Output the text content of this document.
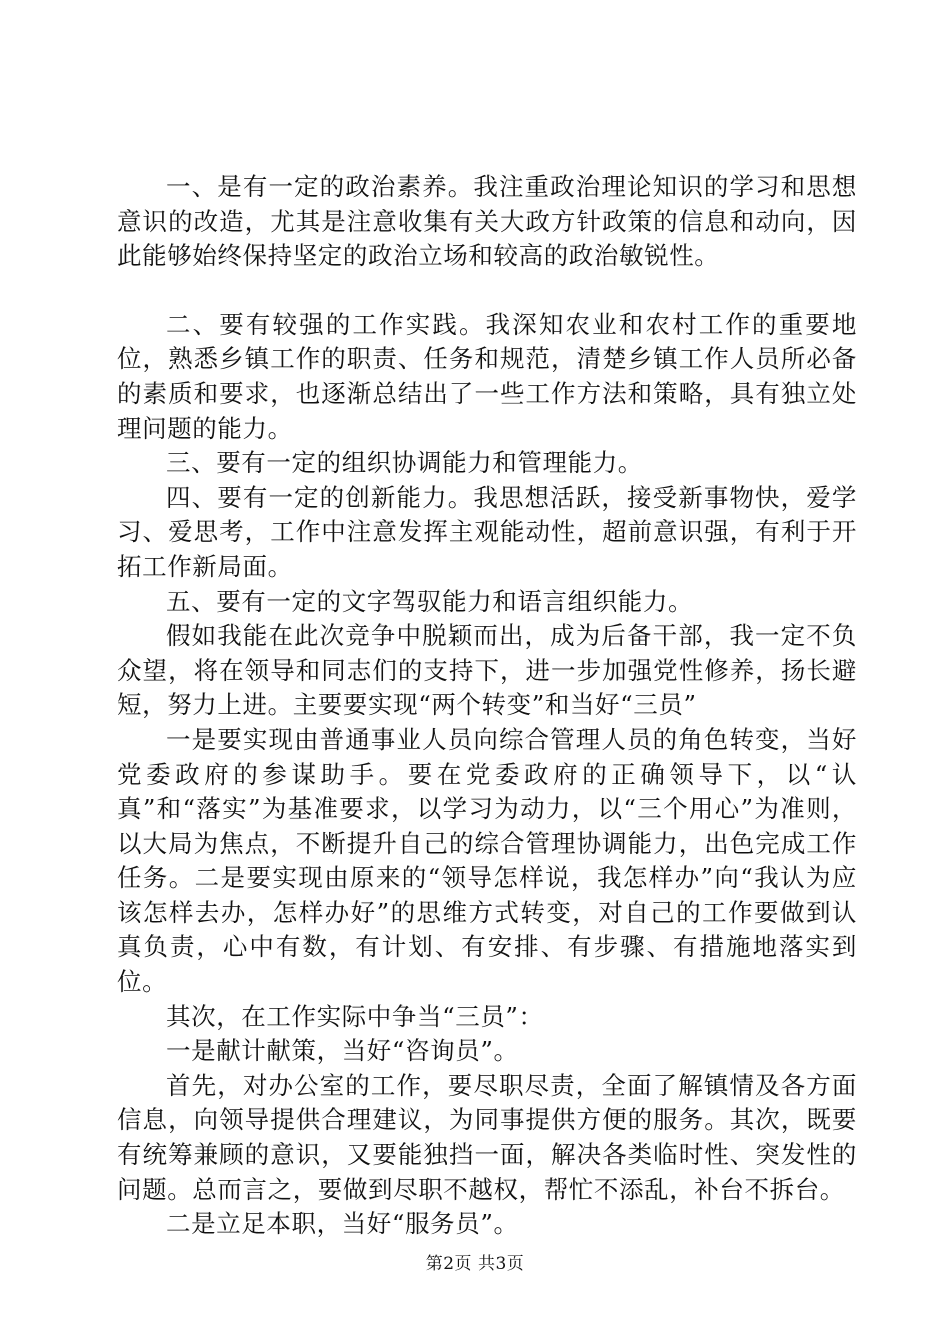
一、是有一定的政治素养。我注重政治理论知识的学习和思想意识的改造，尤其是注意收集有关大政方针政策的信息和动向，因此能够始终保持坚定的政治立场和较高的政治敏锐性。

二、要有较强的工作实践。我深知农业和农村工作的重要地位，熟悉乡镇工作的职责、任务和规范，清楚乡镇工作人员所必备的素质和要求，也逐渐总结出了一些工作方法和策略，具有独立处理问题的能力。

三、要有一定的组织协调能力和管理能力。

四、要有一定的创新能力。我思想活跃，接受新事物快，爱学习、爱思考，工作中注意发挥主观能动性，超前意识强，有利于开拓工作新局面。

五、要有一定的文字驾驭能力和语言组织能力。

假如我能在此次竞争中脱颖而出，成为后备干部，我一定不负众望，将在领导和同志们的支持下，进一步加强党性修养，扬长避短，努力上进。主要要实现“两个转变”和当好“三员”

一是要实现由普通事业人员向综合管理人员的角色转变，当好党委政府的参谋助手。要在党委政府的正确领导下，以“认真”和“落实”为基准要求，以学习为动力，以“三个用心”为准则，以大局为焦点，不断提升自己的综合管理协调能力，出色完成工作任务。二是要实现由原来的“领导怎样说，我怎样办”向“我认为应该怎样去办，怎样办好”的思维方式转变，对自己的工作要做到认真负责，心中有数，有计划、有安排、有步骤、有措施地落实到位。

其次，在工作实际中争当“三员”：

一是献计献策，当好“咨询员”。

首先，对办公室的工作，要尽职尽责，全面了解镇情及各方面信息，向领导提供合理建议，为同事提供方便的服务。其次，既要有统筹兼顾的意识，又要能独挡一面，解决各类临时性、突发性的问题。总而言之，要做到尽职不越权，帮忙不添乱，补台不拆台。

二是立足本职，当好“服务员”。

第2页 共3页
